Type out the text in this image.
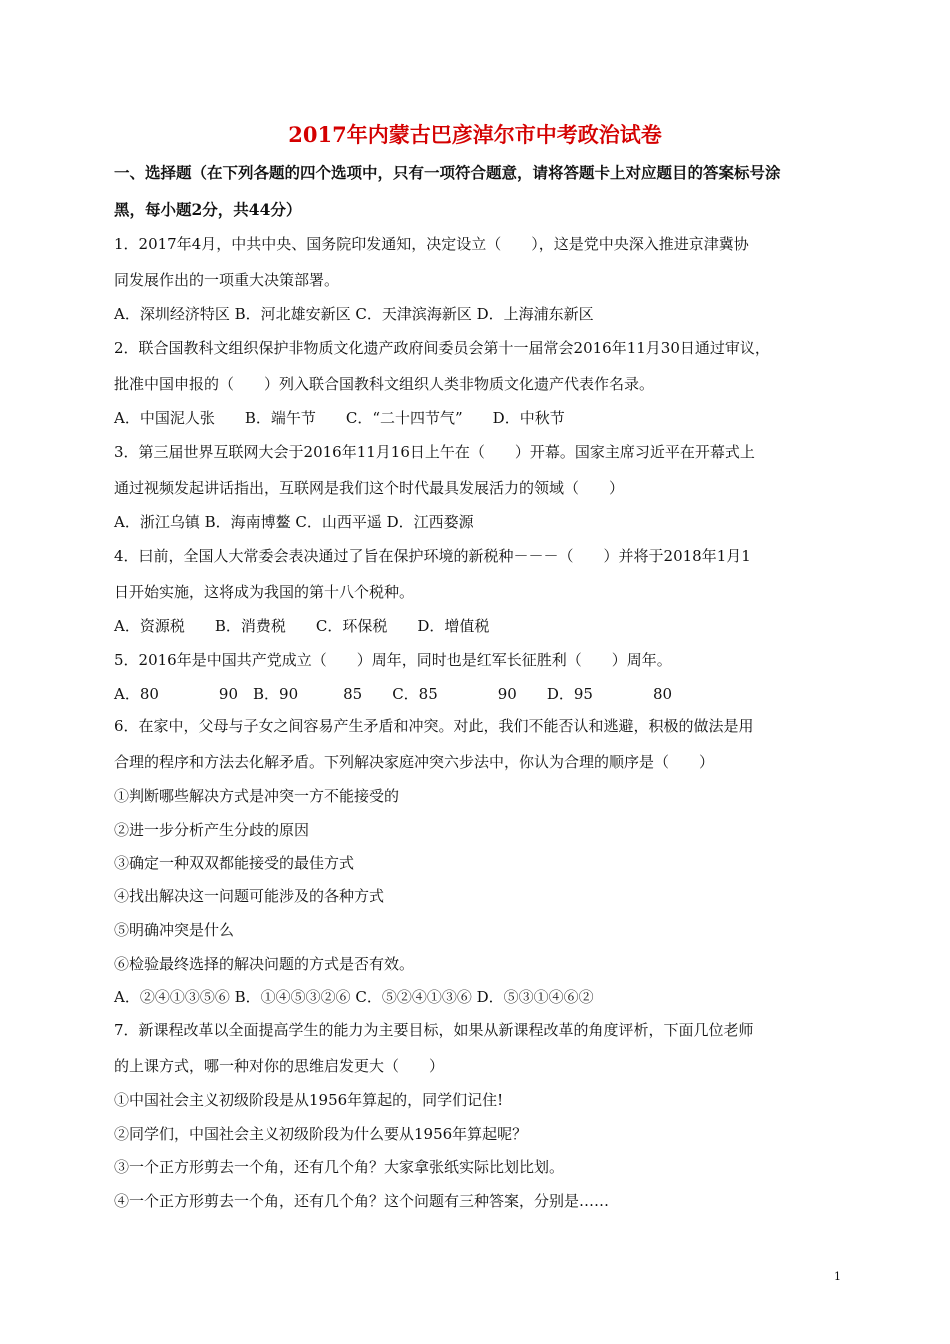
2017年内蒙古巴彦淖尔市中考政治试卷
一、选择题（在下列各题的四个选项中，只有一项符合题意，请将答题卡上对应题目的答案标号涂
黑，每小题2分，共44分）
1．2017年4月，中共中央、国务院印发通知，决定设立（　　），这是党中央深入推进京津冀协
同发展作出的一项重大决策部署。
A．深圳经济特区 B．河北雄安新区 C．天津滨海新区 D．上海浦东新区
2．联合国教科文组织保护非物质文化遗产政府间委员会第十一届常会2016年11月30日通过审议，
批准中国申报的（　　）列入联合国教科文组织人类非物质文化遗产代表作名录。
A．中国泥人张　　B．端午节　　C．“二十四节气”　　D．中秋节
3．第三届世界互联网大会于2016年11月16日上午在（　　）开幕。国家主席习近平在开幕式上
通过视频发起讲话指出，互联网是我们这个时代最具发展活力的领域（　　）
A．浙江乌镇 B．海南博鳌 C．山西平遥 D．江西婺源
4．曰前，全国人大常委会表决通过了旨在保护环境的新税种－－－（　　）并将于2018年1月1
日开始实施，这将成为我国的第十八个税种。
A．资源税　　B．消费税　　C．环保税　　D．增值税
5．2016年是中国共产党成立（　　）周年，同时也是红军长征胜利（　　）周年。
A．80　　　　90　B．90　　　85　　C．85　　　　90　　D．95　　　　80
6．在家中，父母与子女之间容易产生矛盾和冲突。对此，我们不能否认和逃避，积极的做法是用
合理的程序和方法去化解矛盾。下列解决家庭冲突六步法中，你认为合理的顺序是（　　）
①判断哪些解决方式是冲突一方不能接受的
②进一步分析产生分歧的原因
③确定一种双双都能接受的最佳方式
④找出解决这一问题可能涉及的各种方式
⑤明确冲突是什么
⑥检验最终选择的解决问题的方式是否有效。
A．②④①③⑤⑥ B．①④⑤③②⑥ C．⑤②④①③⑥ D．⑤③①④⑥②
7．新课程改革以全面提高学生的能力为主要目标，如果从新课程改革的角度评析，下面几位老师
的上课方式，哪一种对你的思维启发更大（　　）
①中国社会主义初级阶段是从1956年算起的，同学们记住!
②同学们，中国社会主义初级阶段为什么要从1956年算起呢？
③一个正方形剪去一个角，还有几个角？大家拿张纸实际比划比划。
④一个正方形剪去一个角，还有几个角？这个问题有三种答案，分别是……
1
